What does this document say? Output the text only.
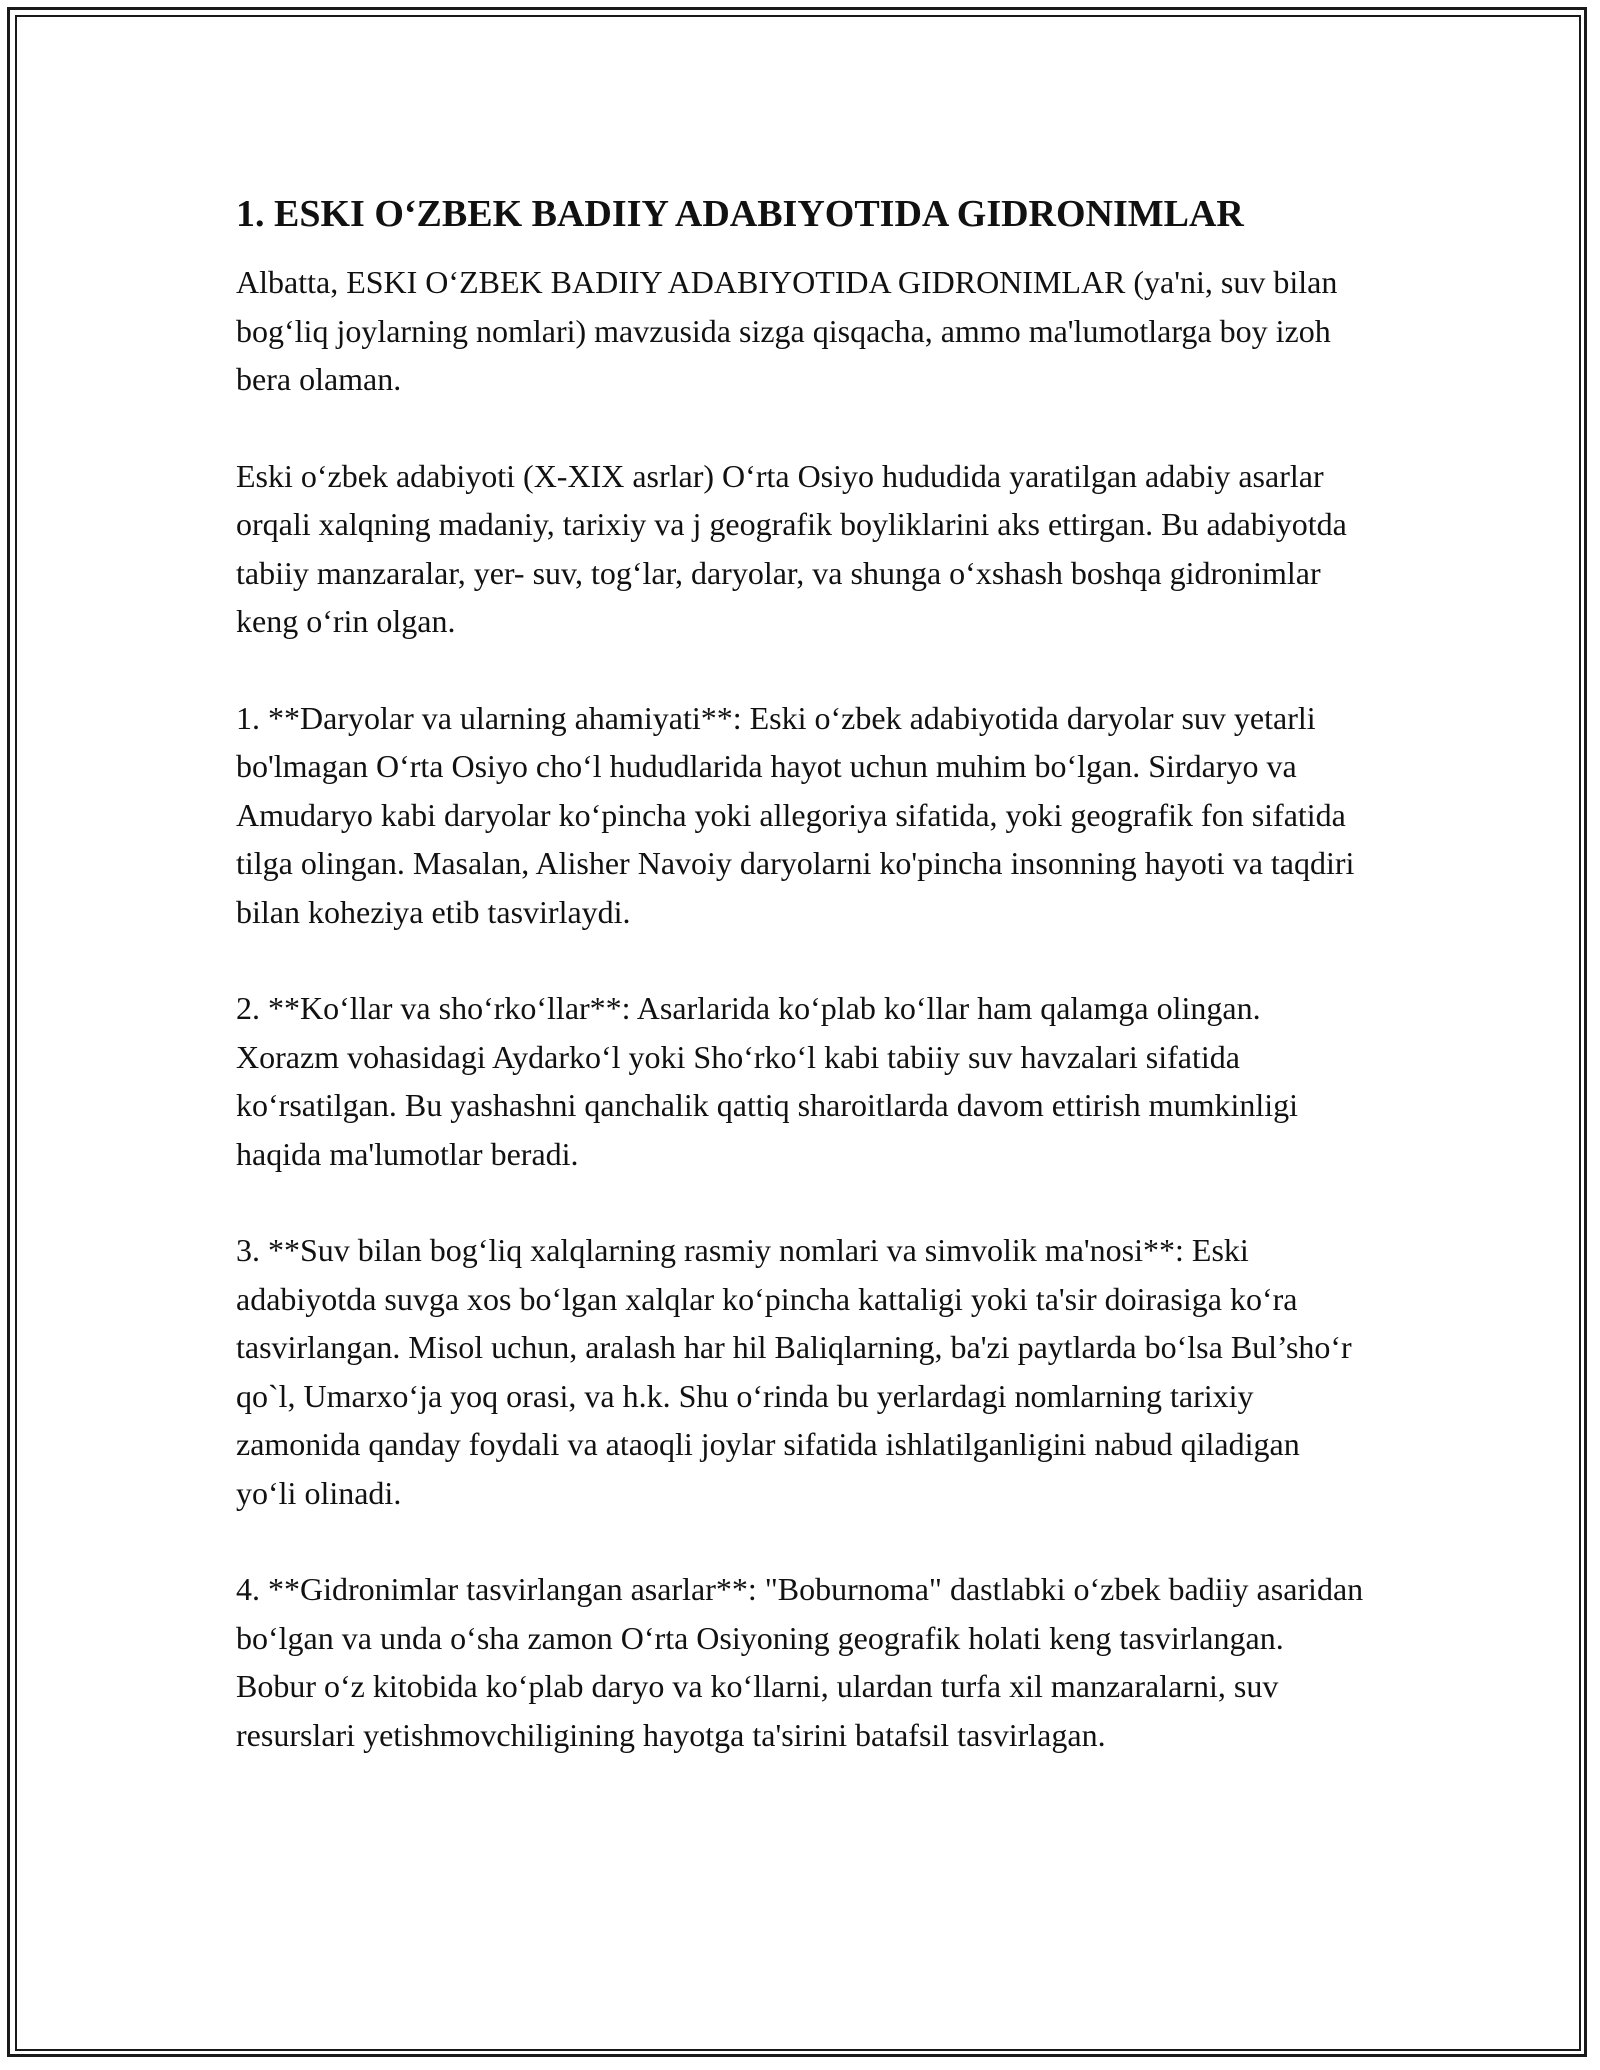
1. ESKI O‘ZBEK BADIIY ADABIYOTIDA GIDRONIMLAR

Albatta, ESKI O‘ZBEK BADIIY ADABIYOTIDA GIDRONIMLAR (ya'ni, suv bilan bog‘liq joylarning nomlari) mavzusida sizga qisqacha, ammo ma'lumotlarga boy izoh bera olaman.

Eski o‘zbek adabiyoti (X-XIX asrlar) O‘rta Osiyo hududida yaratilgan adabiy asarlar orqali xalqning madaniy, tarixiy va j geografik boyliklarini aks ettirgan. Bu adabiyotda tabiiy manzaralar, yer- suv, tog‘lar, daryolar, va shunga o‘xshash boshqa gidronimlar keng o‘rin olgan.

1. **Daryolar va ularning ahamiyati**: Eski o‘zbek adabiyotida daryolar suv yetarli bo'lmagan O‘rta Osiyo cho‘l hududlarida hayot uchun muhim bo‘lgan. Sirdaryo va Amudaryo kabi daryolar ko‘pincha yoki allegoriya sifatida, yoki geografik fon sifatida tilga olingan. Masalan, Alisher Navoiy daryolarni ko'pincha insonning hayoti va taqdiri bilan koheziya etib tasvirlaydi.

2. **Ko‘llar va sho‘rko‘llar**: Asarlarida ko‘plab ko‘llar ham qalamga olingan. Xorazm vohasidagi Aydarko‘l yoki Sho‘rko‘l kabi tabiiy suv havzalari sifatida ko‘rsatilgan. Bu yashashni qanchalik qattiq sharoitlarda davom ettirish mumkinligi haqida ma'lumotlar beradi.

3. **Suv bilan bog‘liq xalqlarning rasmiy nomlari va simvolik ma'nosi**: Eski adabiyotda suvga xos bo‘lgan xalqlar ko‘pincha kattaligi yoki ta'sir doirasiga ko‘ra tasvirlangan. Misol uchun, aralash har hil Baliqlarning, ba'zi paytlarda bo‘lsa Bul’sho‘r qo`l, Umarxo‘ja yoq orasi, va h.k. Shu o‘rinda bu yerlardagi nomlarning tarixiy zamonida qanday foydali va ataoqli joylar sifatida ishlatilganligini nabud qiladigan yo‘li olinadi.

4. **Gidronimlar tasvirlangan asarlar**: "Boburnoma" dastlabki o‘zbek badiiy asaridan bo‘lgan va unda o‘sha zamon O‘rta Osiyoning geografik holati keng tasvirlangan. Bobur o‘z kitobida ko‘plab daryo va ko‘llarni, ulardan turfa xil manzaralarni, suv resurslari yetishmovchiligining hayotga ta'sirini batafsil tasvirlagan.
